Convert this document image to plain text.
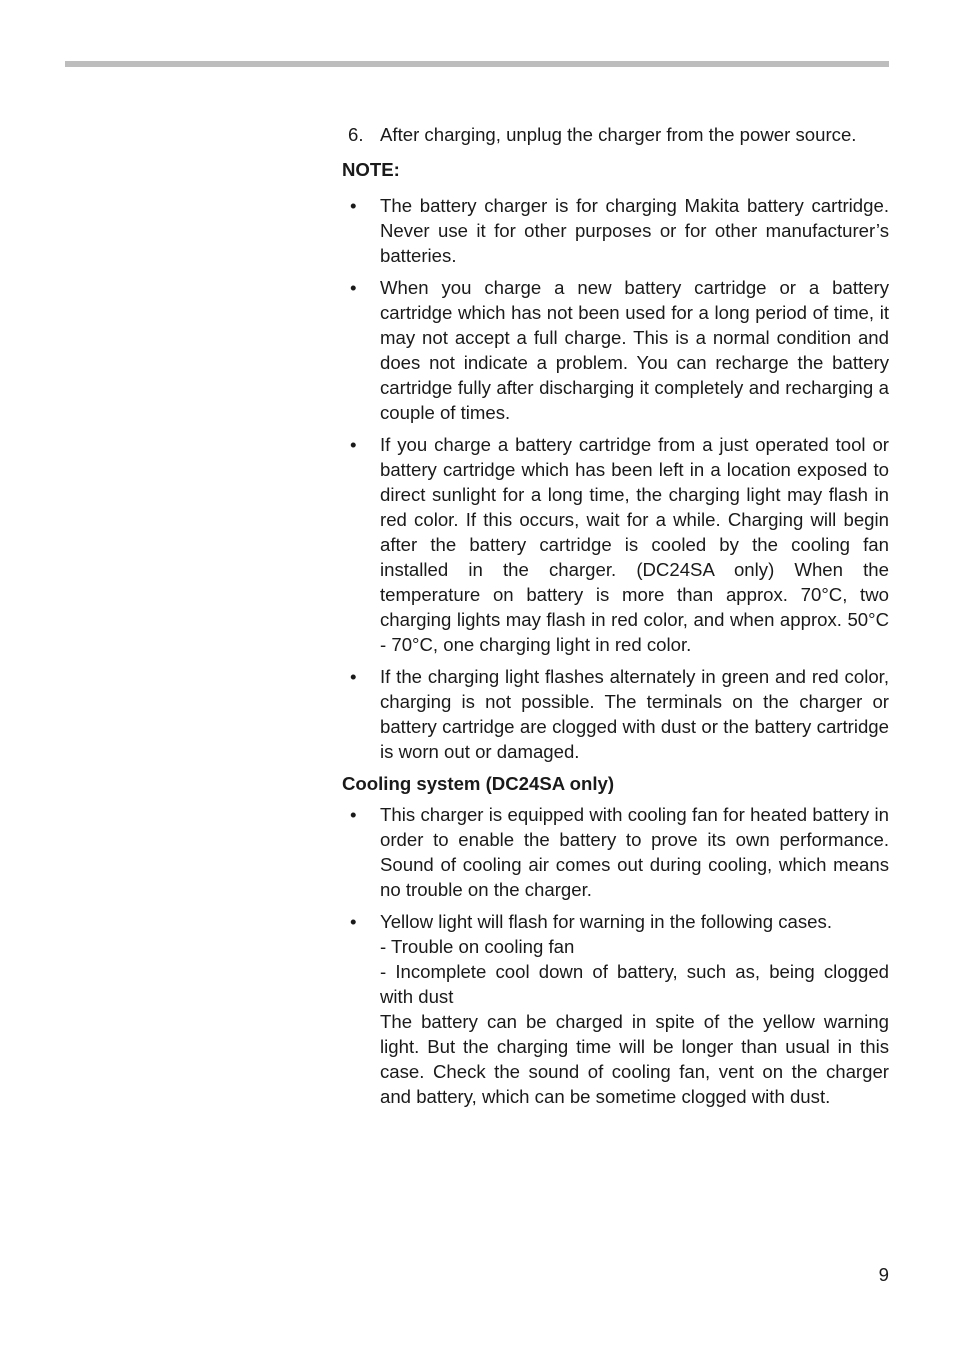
6. After charging, unplug the charger from the power source.
NOTE:
• The battery charger is for charging Makita battery cartridge. Never use it for other purposes or for other manufacturer’s batteries.
• When you charge a new battery cartridge or a battery cartridge which has not been used for a long period of time, it may not accept a full charge. This is a normal condition and does not indicate a problem. You can recharge the battery cartridge fully after discharging it completely and recharging a couple of times.
• If you charge a battery cartridge from a just operated tool or battery cartridge which has been left in a location exposed to direct sunlight for a long time, the charging light may flash in red color. If this occurs, wait for a while. Charging will begin after the battery cartridge is cooled by the cooling fan installed in the charger. (DC24SA only) When the temperature on battery is more than approx. 70°C, two charging lights may flash in red color, and when approx. 50°C - 70°C, one charging light in red color.
• If the charging light flashes alternately in green and red color, charging is not possible. The terminals on the charger or battery cartridge are clogged with dust or the battery cartridge is worn out or damaged.
Cooling system (DC24SA only)
• This charger is equipped with cooling fan for heated battery in order to enable the battery to prove its own performance. Sound of cooling air comes out during cooling, which means no trouble on the charger.
• Yellow light will flash for warning in the following cases.
- Trouble on cooling fan
- Incomplete cool down of battery, such as, being clogged with dust
The battery can be charged in spite of the yellow warning light. But the charging time will be longer than usual in this case. Check the sound of cooling fan, vent on the charger and battery, which can be sometime clogged with dust.
9
